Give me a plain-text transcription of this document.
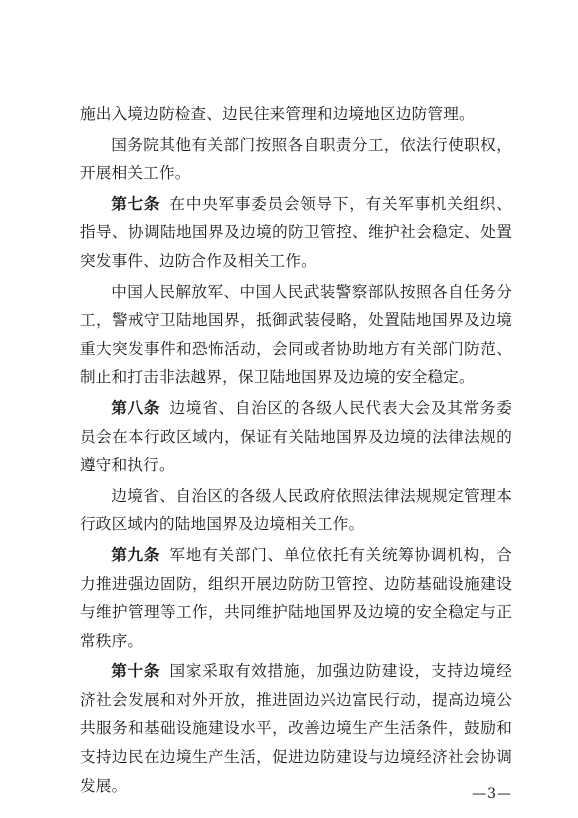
施出入境边防检查、边民往来管理和边境地区边防管理。

国务院其他有关部门按照各自职责分工，依法行使职权，开展相关工作。

第七条 在中央军事委员会领导下，有关军事机关组织、指导、协调陆地国界及边境的防卫管控、维护社会稳定、处置突发事件、边防合作及相关工作。

中国人民解放军、中国人民武装警察部队按照各自任务分工，警戒守卫陆地国界，抵御武装侵略，处置陆地国界及边境重大突发事件和恐怖活动，会同或者协助地方有关部门防范、制止和打击非法越界，保卫陆地国界及边境的安全稳定。

第八条 边境省、自治区的各级人民代表大会及其常务委员会在本行政区域内，保证有关陆地国界及边境的法律法规的遵守和执行。

边境省、自治区的各级人民政府依照法律法规规定管理本行政区域内的陆地国界及边境相关工作。

第九条 军地有关部门、单位依托有关统筹协调机构，合力推进强边固防，组织开展边防防卫管控、边防基础设施建设与维护管理等工作，共同维护陆地国界及边境的安全稳定与正常秩序。

第十条 国家采取有效措施，加强边防建设，支持边境经济社会发展和对外开放，推进固边兴边富民行动，提高边境公共服务和基础设施建设水平，改善边境生产生活条件，鼓励和支持边民在边境生产生活，促进边防建设与边境经济社会协调发展。	—3—
